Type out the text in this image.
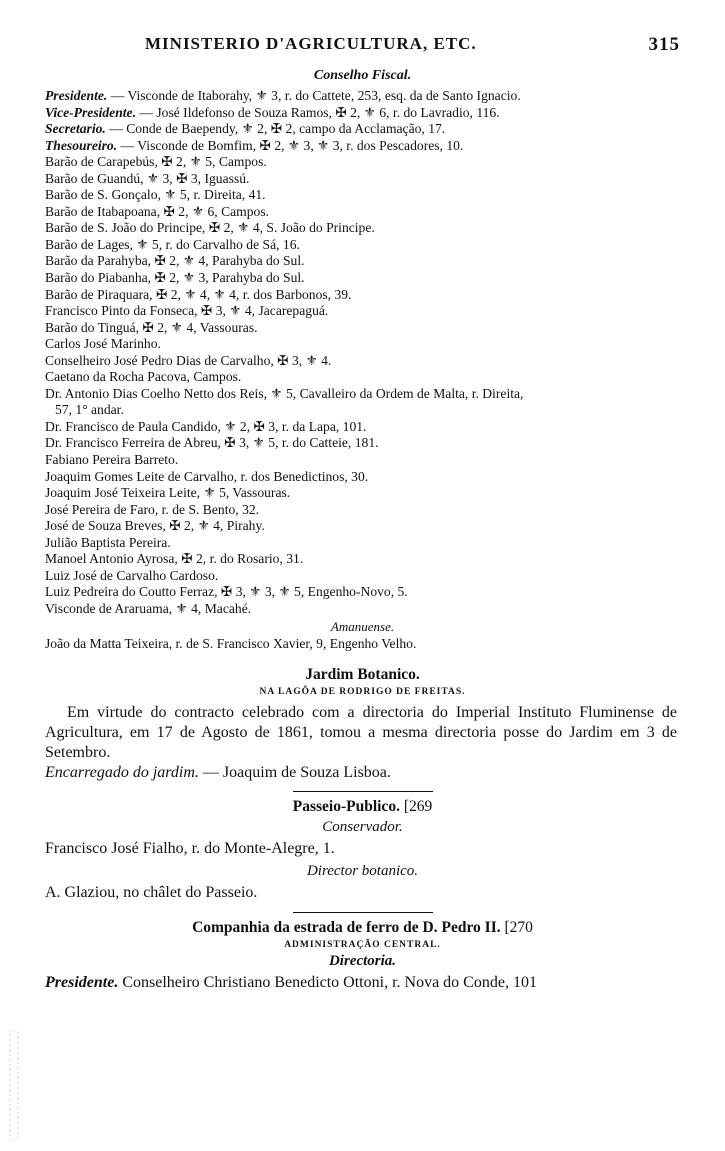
MINISTERIO D'AGRICULTURA, ETC.	315
Conselho Fiscal.
Presidente. — Visconde de Itaborahy, ⚜ 3, r. do Cattete, 253, esq. da de Santo Ignacio.
Vice-Presidente. — José Ildefonso de Souza Ramos, ✠ 2, ⚜ 6, r. do Lavradio, 116.
Secretario. — Conde de Baependy, ⚜ 2, ✠ 2, campo da Acclamação, 17.
Thesoureiro. — Visconde de Bomfim, ✠ 2, ⚜ 3, ⚜ 3, r. dos Pescadores, 10.
Barão de Carapebús, ✠ 2, ⚜ 5, Campos.
Barão de Guandú, ⚜ 3, ✠ 3, Iguassú.
Barão de S. Gonçalo, ⚜ 5, r. Direita, 41.
Barão de Itabapoana, ✠ 2, ⚜ 6, Campos.
Barão de S. João do Principe, ✠ 2, ⚜ 4, S. João do Principe.
Barão de Lages, ⚜ 5, r. do Carvalho de Sá, 16.
Barão da Parahyba, ✠ 2, ⚜ 4, Parahyba do Sul.
Barão do Piabanha, ✠ 2, ⚜ 3, Parahyba do Sul.
Barão de Piraquara, ✠ 2, ⚜ 4, ⚜ 4, r. dos Barbonos, 39.
Francisco Pinto da Fonseca, ✠ 3, ⚜ 4, Jacarepaguá.
Barão do Tinguá, ✠ 2, ⚜ 4, Vassouras.
Carlos José Marinho.
Conselheiro José Pedro Dias de Carvalho, ✠ 3, ⚜ 4.
Caetano da Rocha Pacova, Campos.
Dr. Antonio Dias Coelho Netto dos Reis, ⚜ 5, Cavalleiro da Ordem de Malta, r. Direita,
57, 1° andar.
Dr. Francisco de Paula Candido, ⚜ 2, ✠ 3, r. da Lapa, 101.
Dr. Francisco Ferreira de Abreu, ✠ 3, ⚜ 5, r. do Catteie, 181.
Fabiano Pereira Barreto.
Joaquim Gomes Leite de Carvalho, r. dos Benedictinos, 30.
Joaquim José Teixeira Leite, ⚜ 5, Vassouras.
José Pereira de Faro, r. de S. Bento, 32.
José de Souza Breves, ✠ 2, ⚜ 4, Pirahy.
Julião Baptista Pereira.
Manoel Antonio Ayrosa, ✠ 2, r. do Rosario, 31.
Luiz José de Carvalho Cardoso.
Luiz Pedreira do Coutto Ferraz, ✠ 3, ⚜ 3, ⚜ 5, Engenho-Novo, 5.
Visconde de Araruama, ⚜ 4, Macahé.
Amanuense.
João da Matta Teixeira, r. de S. Francisco Xavier, 9, Engenho Velho.
Jardim Botanico.
NA LAGÔA DE RODRIGO DE FREITAS.
Em virtude do contracto celebrado com a directoria do Imperial Instituto Fluminense de Agricultura, em 17 de Agosto de 1861, tomou a mesma directoria posse do Jardim em 3 de Setembro.
Encarregado do jardim. — Joaquim de Souza Lisboa.
Passeio-Publico. [269
Conservador.
Francisco José Fialho, r. do Monte-Alegre, 1.
Director botanico.
A. Glaziou, no châlet do Passeio.
Companhia da estrada de ferro de D. Pedro II. [270
ADMINISTRAÇÃO CENTRAL.
Directoria.
Presidente. Conselheiro Christiano Benedicto Ottoni, r. Nova do Conde, 101
